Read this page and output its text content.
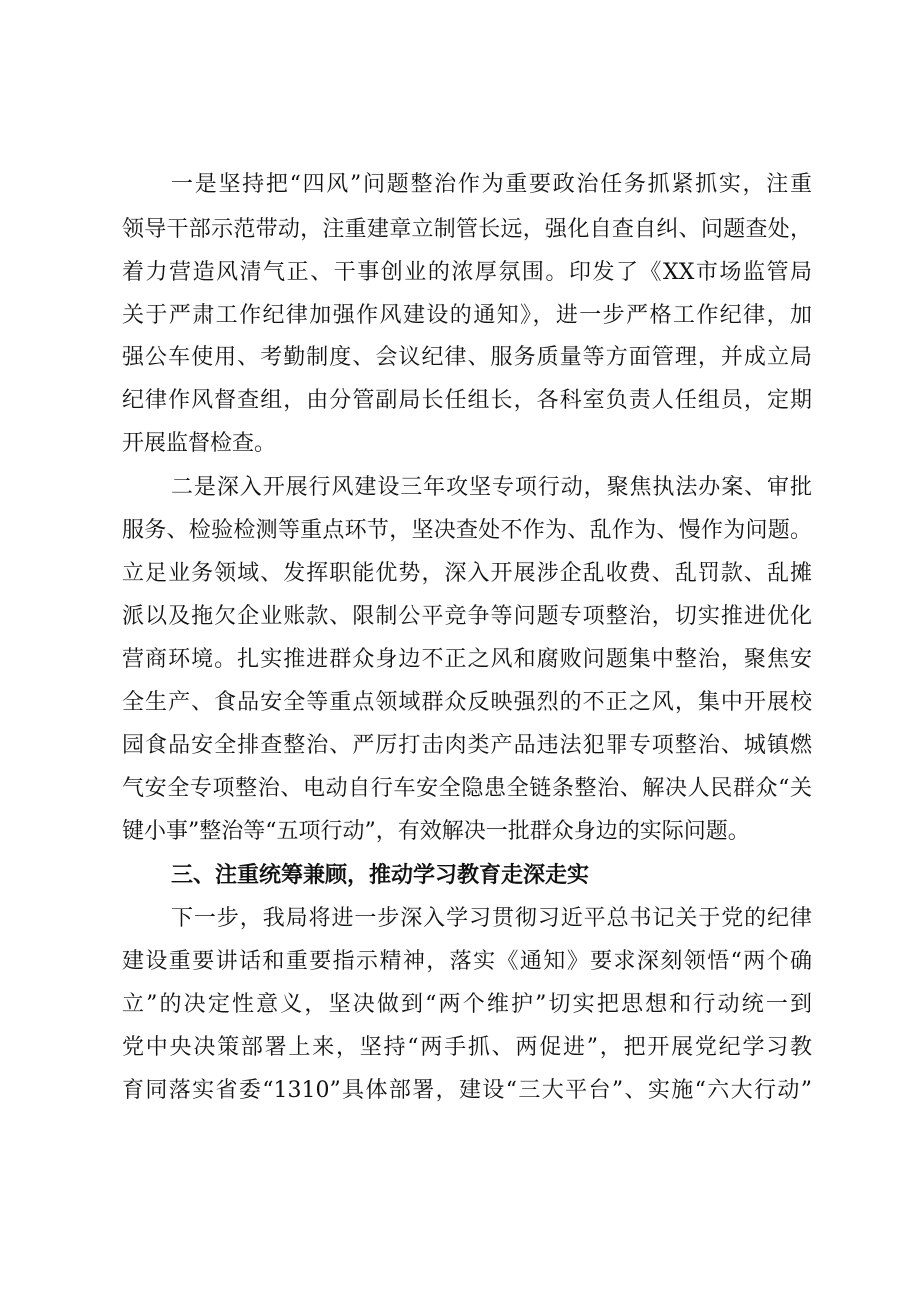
一是坚持把“四风”问题整治作为重要政治任务抓紧抓实，注重
领导干部示范带动，注重建章立制管长远，强化自查自纠、问题查处，
着力营造风清气正、干事创业的浓厚氛围。印发了《XX市场监管局
关于严肃工作纪律加强作风建设的通知》，进一步严格工作纪律，加
强公车使用、考勤制度、会议纪律、服务质量等方面管理，并成立局
纪律作风督查组，由分管副局长任组长，各科室负责人任组员，定期
开展监督检查。
二是深入开展行风建设三年攻坚专项行动，聚焦执法办案、审批
服务、检验检测等重点环节，坚决查处不作为、乱作为、慢作为问题。
立足业务领域、发挥职能优势，深入开展涉企乱收费、乱罚款、乱摊
派以及拖欠企业账款、限制公平竞争等问题专项整治，切实推进优化
营商环境。扎实推进群众身边不正之风和腐败问题集中整治，聚焦安
全生产、食品安全等重点领域群众反映强烈的不正之风，集中开展校
园食品安全排查整治、严厉打击肉类产品违法犯罪专项整治、城镇燃
气安全专项整治、电动自行车安全隐患全链条整治、解决人民群众“关
键小事”整治等“五项行动”，有效解决一批群众身边的实际问题。
三、注重统筹兼顾，推动学习教育走深走实
下一步，我局将进一步深入学习贯彻习近平总书记关于党的纪律
建设重要讲话和重要指示精神，落实《通知》要求深刻领悟“两个确
立”的决定性意义，坚决做到“两个维护”切实把思想和行动统一到
党中央决策部署上来，坚持“两手抓、两促进”，把开展党纪学习教
育同落实省委“1310”具体部署，建设“三大平台”、实施“六大行动”
